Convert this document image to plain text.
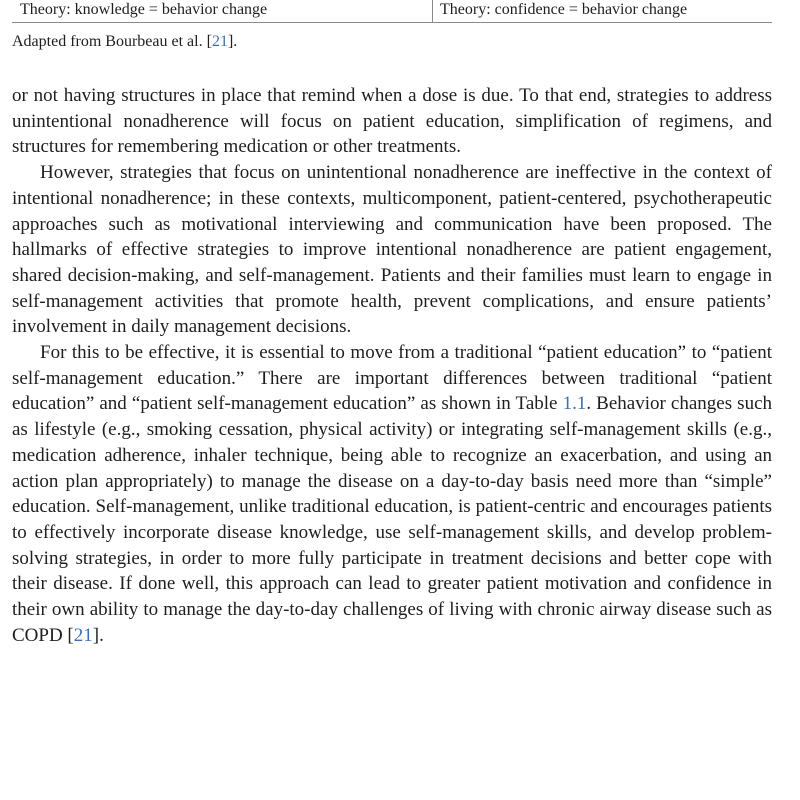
Theory: knowledge = behavior change	Theory: confidence = behavior change
Adapted from Bourbeau et al. [21].

or not having structures in place that remind when a dose is due. To that end, strategies to address unintentional nonadherence will focus on patient education, simplification of regimens, and structures for remembering medication or other treatments.

However, strategies that focus on unintentional nonadherence are ineffective in the context of intentional nonadherence; in these contexts, multicomponent, patient-centered, psychotherapeutic approaches such as motivational interviewing and communication have been proposed. The hallmarks of effective strategies to improve intentional nonadherence are patient engagement, shared decision-making, and self-management. Patients and their families must learn to engage in self-management activities that promote health, prevent complications, and ensure patients’ involvement in daily management decisions.

For this to be effective, it is essential to move from a traditional “patient education” to “patient self-management education.” There are important differences between traditional “patient education” and “patient self-management education” as shown in Table 1.1. Behavior changes such as lifestyle (e.g., smoking cessation, physical activity) or integrating self-management skills (e.g., medication adherence, inhaler technique, being able to recognize an exacerbation, and using an action plan appropriately) to manage the disease on a day-to-day basis need more than “simple” education. Self-management, unlike traditional education, is patient-centric and encourages patients to effectively incorporate disease knowledge, use self-management skills, and develop problem-solving strategies, in order to more fully participate in treatment decisions and better cope with their disease. If done well, this approach can lead to greater patient motivation and confidence in their own ability to manage the day-to-day challenges of living with chronic airway disease such as COPD [21].
